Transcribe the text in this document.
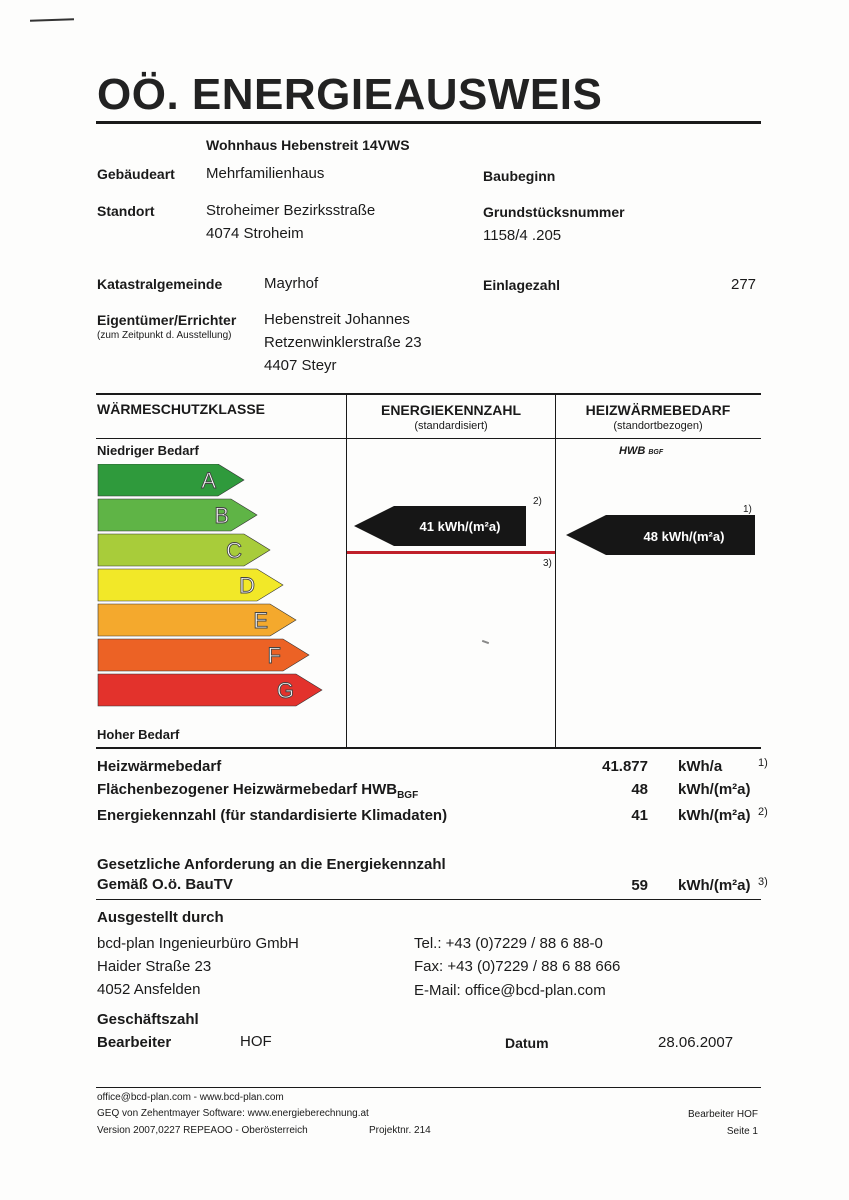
OÖ. ENERGIEAUSWEIS
Wohnhaus Hebenstreit 14VWS
Gebäudeart Mehrfamilienhaus	Baubeginn
Standort	Stroheimer Bezirksstraße
4074 Stroheim
Grundstücksnummer
1158/4 .205
Katastralgemeinde	Mayrhof	Einlagezahl	277
Eigentümer/Errichter
(zum Zeitpunkt d. Ausstellung)
Hebenstreit Johannes
Retzenwinklerstraße 23
4407 Steyr
WÄRMESCHUTZKLASSE	ENERGIEKENNZAHL
(standardisiert)
HEIZWÄRMEBEDARF
(standortbezogen)
HWB BGF
Niedriger Bedarf
Hoher Bedarf
A
B
C
D
E
F
G
41 kWh/(m²a)
2)
3)
48 kWh/(m²a)
1)
Heizwärmebedarf	41.877 kWh/a	1)
Flächenbezogener Heizwärmebedarf $HWB_{BGF}$	48 kWh/(m²a)
Energiekennzahl (für standardisierte Klimadaten)	41 kWh/(m²a) 2)
Gesetzliche Anforderung an die Energiekennzahl
Gemäß O.ö. BauTV	59 kWh/(m²a) 3)
Ausgestellt durch
bcd-plan Ingenieurbüro GmbH
Haider Straße 23
4052 Ansfelden
Tel.: +43 (0)7229 / 88 6 88-0
Fax: +43 (0)7229 / 88 6 88 666
E-Mail: office@bcd-plan.com
Geschäftszahl
Bearbeiter	HOF	Datum	28.06.2007
office@bcd-plan.com - www.bcd-plan.com
GEQ von Zehentmayer Software: www.energieberechnung.at
Version 2007,0227 REPEAOO - Oberösterreich	Projektnr. 214
Bearbeiter HOF
Seite 1
